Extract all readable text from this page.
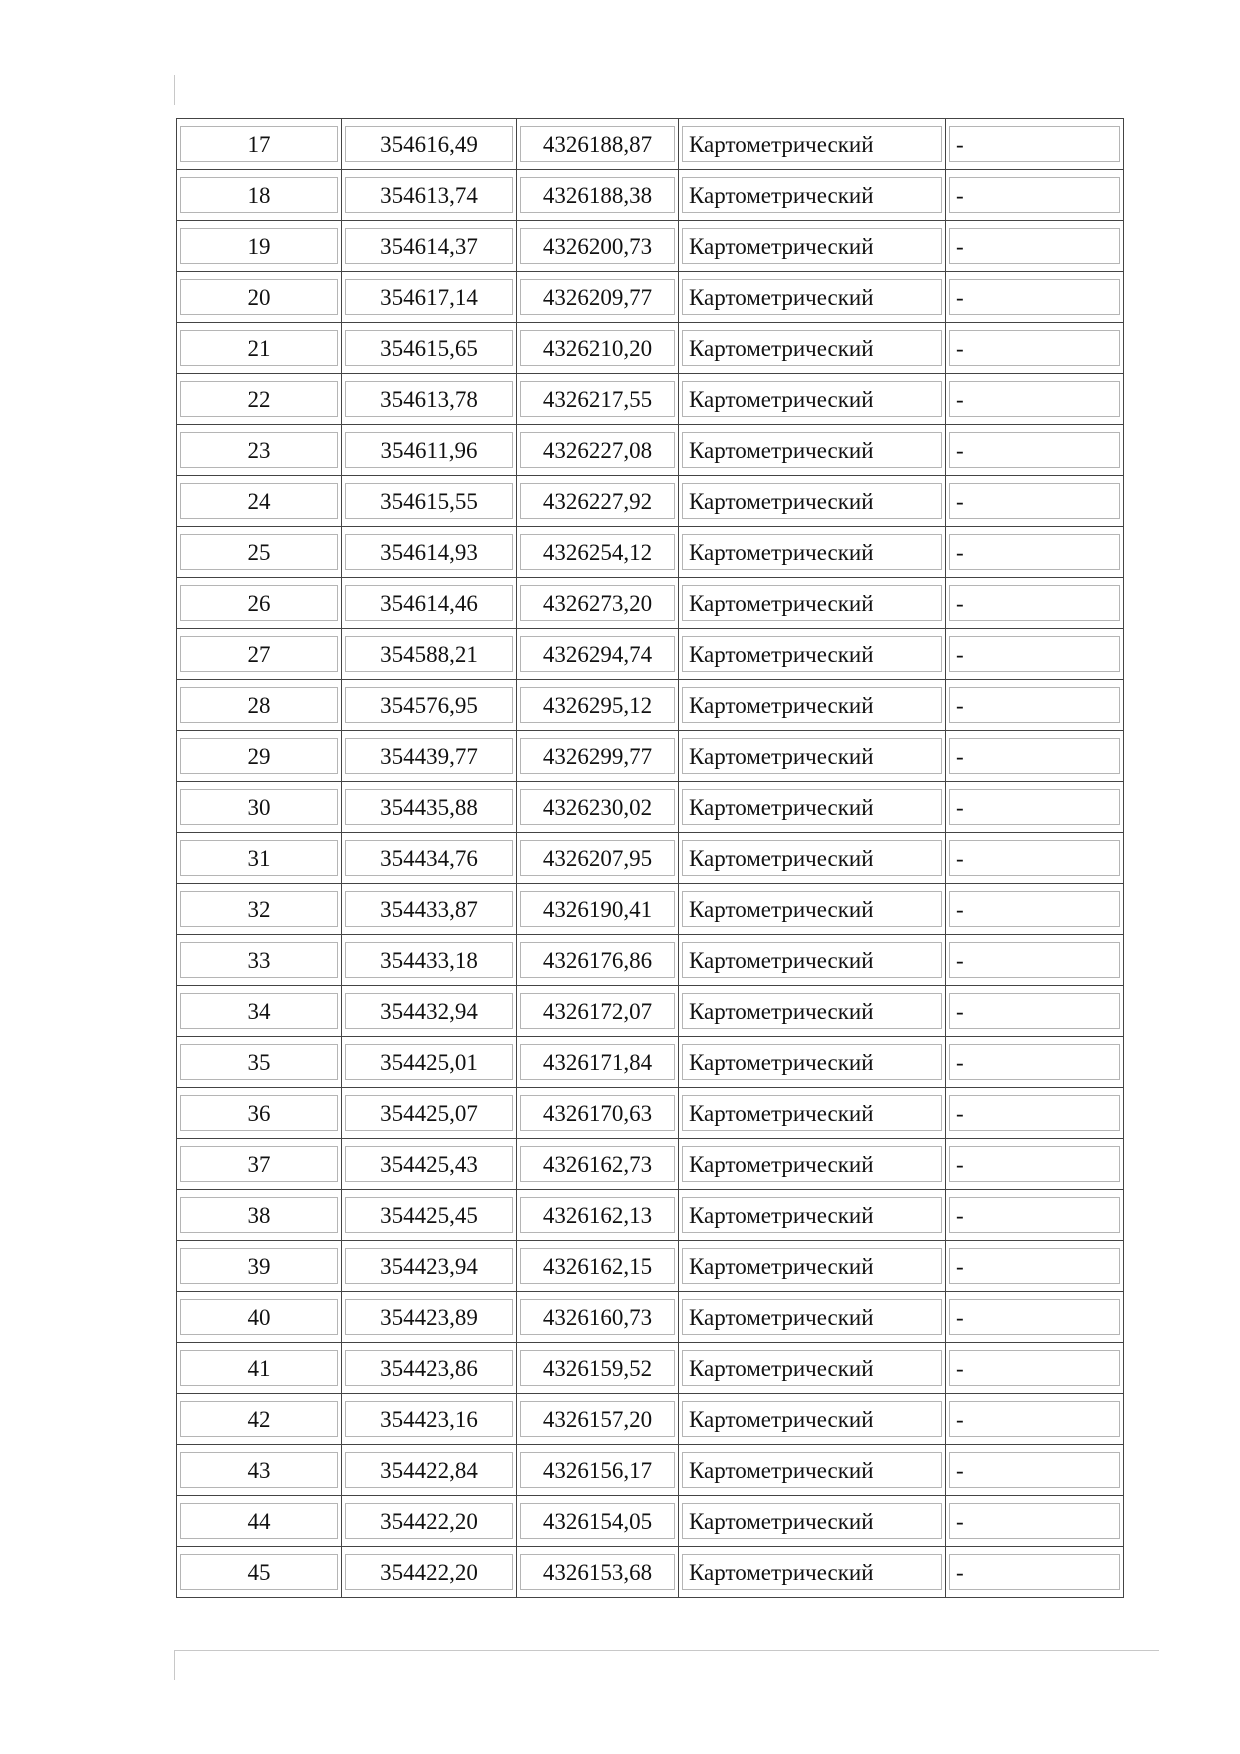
17	354616,49	4326188,87	Картометрический	-

18	354613,74	4326188,38	Картометрический	-

19	354614,37	4326200,73	Картометрический	-

20	354617,14	4326209,77	Картометрический	-

21	354615,65	4326210,20	Картометрический	-

22	354613,78	4326217,55	Картометрический	-

23	354611,96	4326227,08	Картометрический	-

24	354615,55	4326227,92	Картометрический	-

25	354614,93	4326254,12	Картометрический	-

26	354614,46	4326273,20	Картометрический	-

27	354588,21	4326294,74	Картометрический	-

28	354576,95	4326295,12	Картометрический	-

29	354439,77	4326299,77	Картометрический	-

30	354435,88	4326230,02	Картометрический	-

31	354434,76	4326207,95	Картометрический	-

32	354433,87	4326190,41	Картометрический	-

33	354433,18	4326176,86	Картометрический	-

34	354432,94	4326172,07	Картометрический	-

35	354425,01	4326171,84	Картометрический	-

36	354425,07	4326170,63	Картометрический	-

37	354425,43	4326162,73	Картометрический	-

38	354425,45	4326162,13	Картометрический	-

39	354423,94	4326162,15	Картометрический	-

40	354423,89	4326160,73	Картометрический	-

41	354423,86	4326159,52	Картометрический	-

42	354423,16	4326157,20	Картометрический	-

43	354422,84	4326156,17	Картометрический	-

44	354422,20	4326154,05	Картометрический	-

45	354422,20	4326153,68	Картометрический	-
